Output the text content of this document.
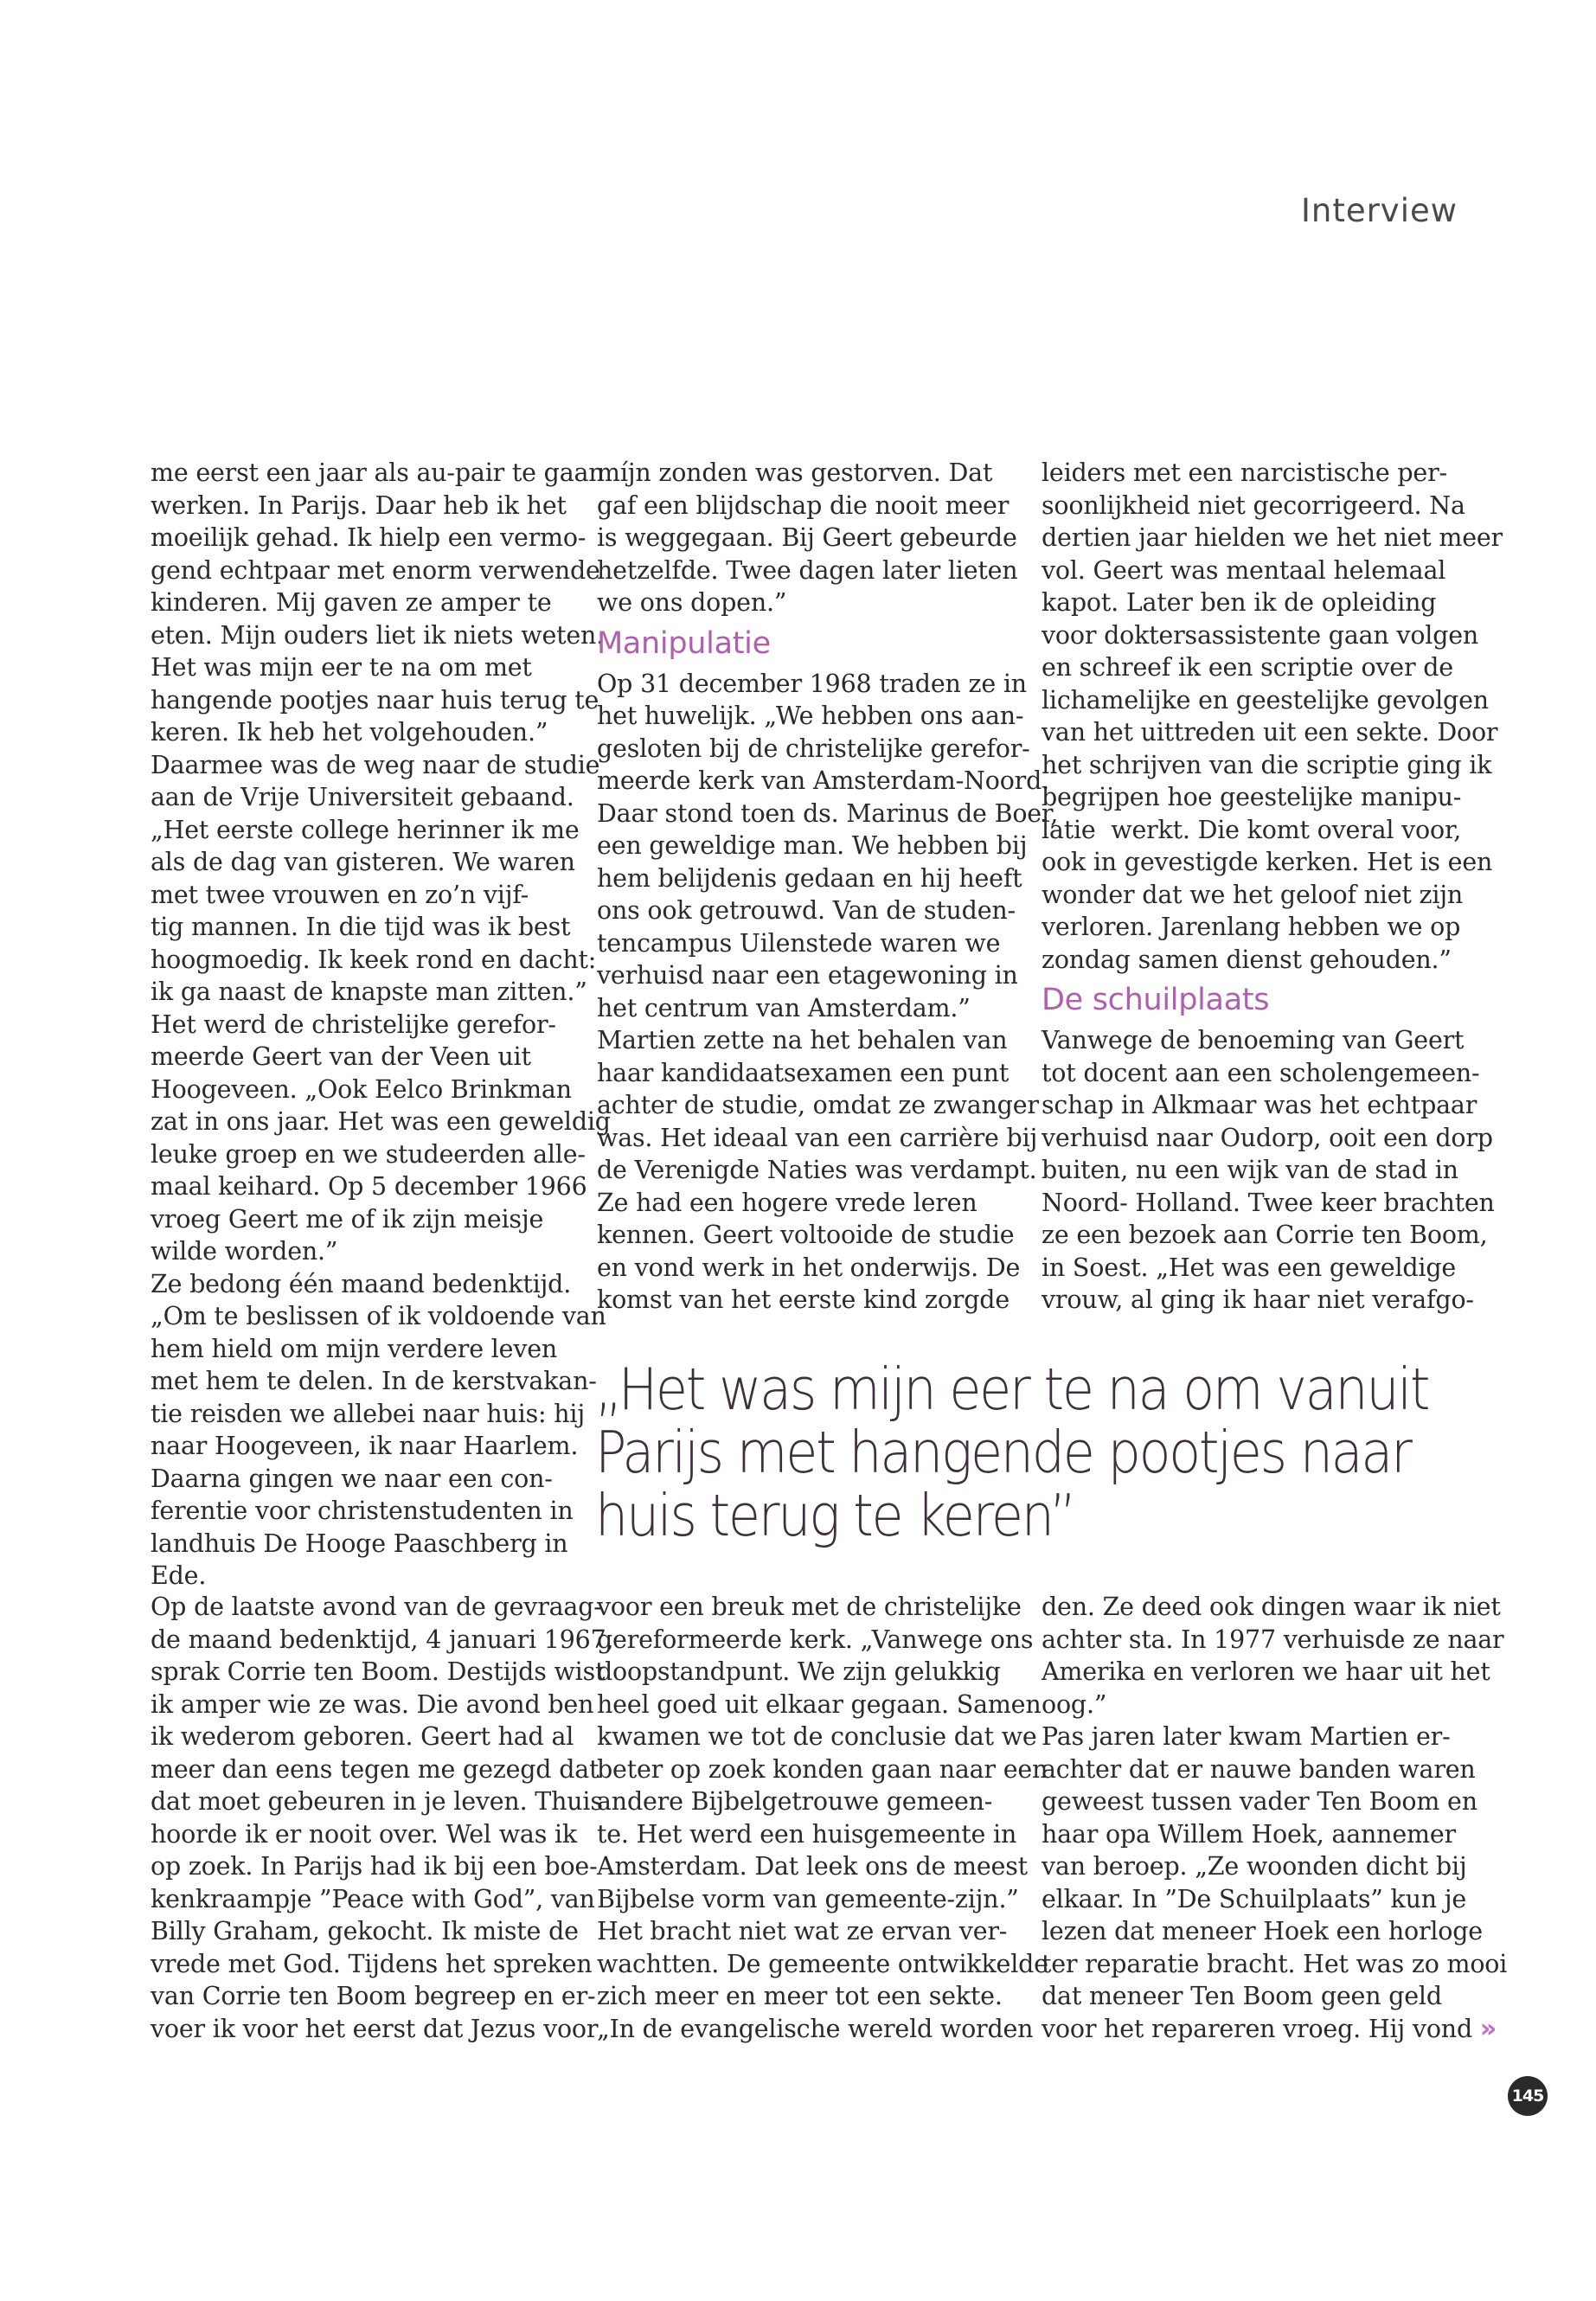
Interview

me eerst een jaar als au-pair te gaan
werken. In Parijs. Daar heb ik het
moeilijk gehad. Ik hielp een vermo-
gend echtpaar met enorm verwende
kinderen. Mij gaven ze amper te
eten. Mijn ouders liet ik niets weten.
Het was mijn eer te na om met
hangende pootjes naar huis terug te
keren. Ik heb het volgehouden.”
Daarmee was de weg naar de studie
aan de Vrije Universiteit gebaand.
„Het eerste college herinner ik me
als de dag van gisteren. We waren
met twee vrouwen en zo’n vijf-
tig mannen. In die tijd was ik best
hoogmoedig. Ik keek rond en dacht:
ik ga naast de knapste man zitten.”
Het werd de christelijke gerefor-
meerde Geert van der Veen uit
Hoogeveen. „Ook Eelco Brinkman
zat in ons jaar. Het was een geweldig
leuke groep en we studeerden alle-
maal keihard. Op 5 december 1966
vroeg Geert me of ik zijn meisje
wilde worden.”
Ze bedong één maand bedenktijd.
„Om te beslissen of ik voldoende van
hem hield om mijn verdere leven
met hem te delen. In de kerstvakan-
tie reisden we allebei naar huis: hij
naar Hoogeveen, ik naar Haarlem.
Daarna gingen we naar een con-
ferentie voor christenstudenten in
landhuis De Hooge Paaschberg in
Ede.

míjn zonden was gestorven. Dat
gaf een blijdschap die nooit meer
is weggegaan. Bij Geert gebeurde
hetzelfde. Twee dagen later lieten
we ons dopen.”

Manipulatie

Op 31 december 1968 traden ze in
het huwelijk. „We hebben ons aan-
gesloten bij de christelijke gerefor-
meerde kerk van Amsterdam-Noord.
Daar stond toen ds. Marinus de Boer,
een geweldige man. We hebben bij
hem belijdenis gedaan en hij heeft
ons ook getrouwd. Van de studen-
tencampus Uilenstede waren we
verhuisd naar een etagewoning in
het centrum van Amsterdam.”
Martien zette na het behalen van
haar kandidaatsexamen een punt
achter de studie, omdat ze zwanger
was. Het ideaal van een carrière bij
de Verenigde Naties was verdampt.
Ze had een hogere vrede leren
kennen. Geert voltooide de studie
en vond werk in het onderwijs. De
komst van het eerste kind zorgde

leiders met een narcistische per-
soonlijkheid niet gecorrigeerd. Na
dertien jaar hielden we het niet meer
vol. Geert was mentaal helemaal
kapot. Later ben ik de opleiding
voor doktersassistente gaan volgen
en schreef ik een scriptie over de
lichamelijke en geestelijke gevolgen
van het uittreden uit een sekte. Door
het schrijven van die scriptie ging ik
begrijpen hoe geestelijke manipu-
latie  werkt. Die komt overal voor,
ook in gevestigde kerken. Het is een
wonder dat we het geloof niet zijn
verloren. Jarenlang hebben we op
zondag samen dienst gehouden.”

De schuilplaats

Vanwege de benoeming van Geert
tot docent aan een scholengemeen-
schap in Alkmaar was het echtpaar
verhuisd naar Oudorp, ooit een dorp
buiten, nu een wijk van de stad in
Noord- Holland. Twee keer brachten
ze een bezoek aan Corrie ten Boom,
in Soest. „Het was een geweldige
vrouw, al ging ik haar niet verafgo-

„Het was mijn eer te na om vanuit
Parijs met hangende pootjes naar
huis terug te keren”

Op de laatste avond van de gevraag-
de maand bedenktijd, 4 januari 1967,
sprak Corrie ten Boom. Destijds wist
ik amper wie ze was. Die avond ben
ik wederom geboren. Geert had al
meer dan eens tegen me gezegd dat
dat moet gebeuren in je leven. Thuis
hoorde ik er nooit over. Wel was ik
op zoek. In Parijs had ik bij een boe-
kenkraampje ”Peace with God”, van
Billy Graham, gekocht. Ik miste de
vrede met God. Tijdens het spreken
van Corrie ten Boom begreep en er-
voer ik voor het eerst dat Jezus voor

voor een breuk met de christelijke
gereformeerde kerk. „Vanwege ons
doopstandpunt. We zijn gelukkig
heel goed uit elkaar gegaan. Samen
kwamen we tot de conclusie dat we
beter op zoek konden gaan naar een
andere Bijbelgetrouwe gemeen-
te. Het werd een huisgemeente in
Amsterdam. Dat leek ons de meest
Bijbelse vorm van gemeente-zijn.”
Het bracht niet wat ze ervan ver-
wachtten. De gemeente ontwikkelde
zich meer en meer tot een sekte.
„In de evangelische wereld worden

den. Ze deed ook dingen waar ik niet
achter sta. In 1977 verhuisde ze naar
Amerika en verloren we haar uit het
oog.”
Pas jaren later kwam Martien er-
achter dat er nauwe banden waren
geweest tussen vader Ten Boom en
haar opa Willem Hoek, aannemer
van beroep. „Ze woonden dicht bij
elkaar. In ”De Schuilplaats” kun je
lezen dat meneer Hoek een horloge
ter reparatie bracht. Het was zo mooi
dat meneer Ten Boom geen geld
voor het repareren vroeg. Hij vond »

145
